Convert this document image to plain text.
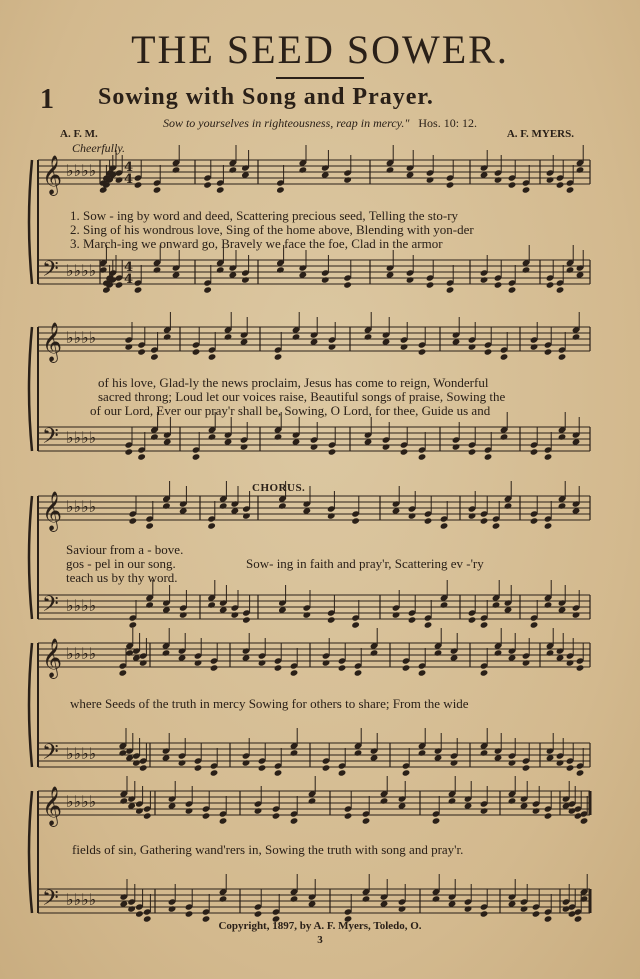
THE SEED SOWER.
1 Sowing with Song and Prayer.
Sow to yourselves in righteousness, reap in mercy." Hos. 10: 12.
A. F. M.	A. F. MYERS.
Cheerfully.
CHORUS.
𝄞 ♭♭♭♭
𝄢 ♭♭♭♭
𝄞 ♭♭♭♭
𝄢 ♭♭♭♭
𝄞 ♭♭♭♭
𝄢 ♭♭♭♭
𝄞 ♭♭♭♭
𝄢 ♭♭♭♭
𝄞 ♭♭♭♭
𝄢 ♭♭♭♭
4
4
4
4
1. Sow - ing by word and deed, Scattering precious seed, Telling the sto-ry
2. Sing of his wondrous love, Sing of the home above, Blending with yon-der
3. March-ing we onward go, Bravely we face the foe, Clad in the armor
of his love, Glad-ly the news proclaim, Jesus has come to reign, Wonderful
sacred throng; Loud let our voices raise, Beautiful songs of praise, Sowing the
of our Lord, Ever our pray'r shall be, Sowing, O Lord, for thee, Guide us and
Saviour from a - bove.
gos - pel in our song.
teach us by thy word.
Sow- ing in faith and pray'r, Scattering ev -'ry
where Seeds of the truth in mercy Sowing for others to share; From the wide
fields of sin, Gathering wand'rers in, Sowing the truth with song and pray'r.
Copyright, 1897, by A. F. Myers, Toledo, O.
3
